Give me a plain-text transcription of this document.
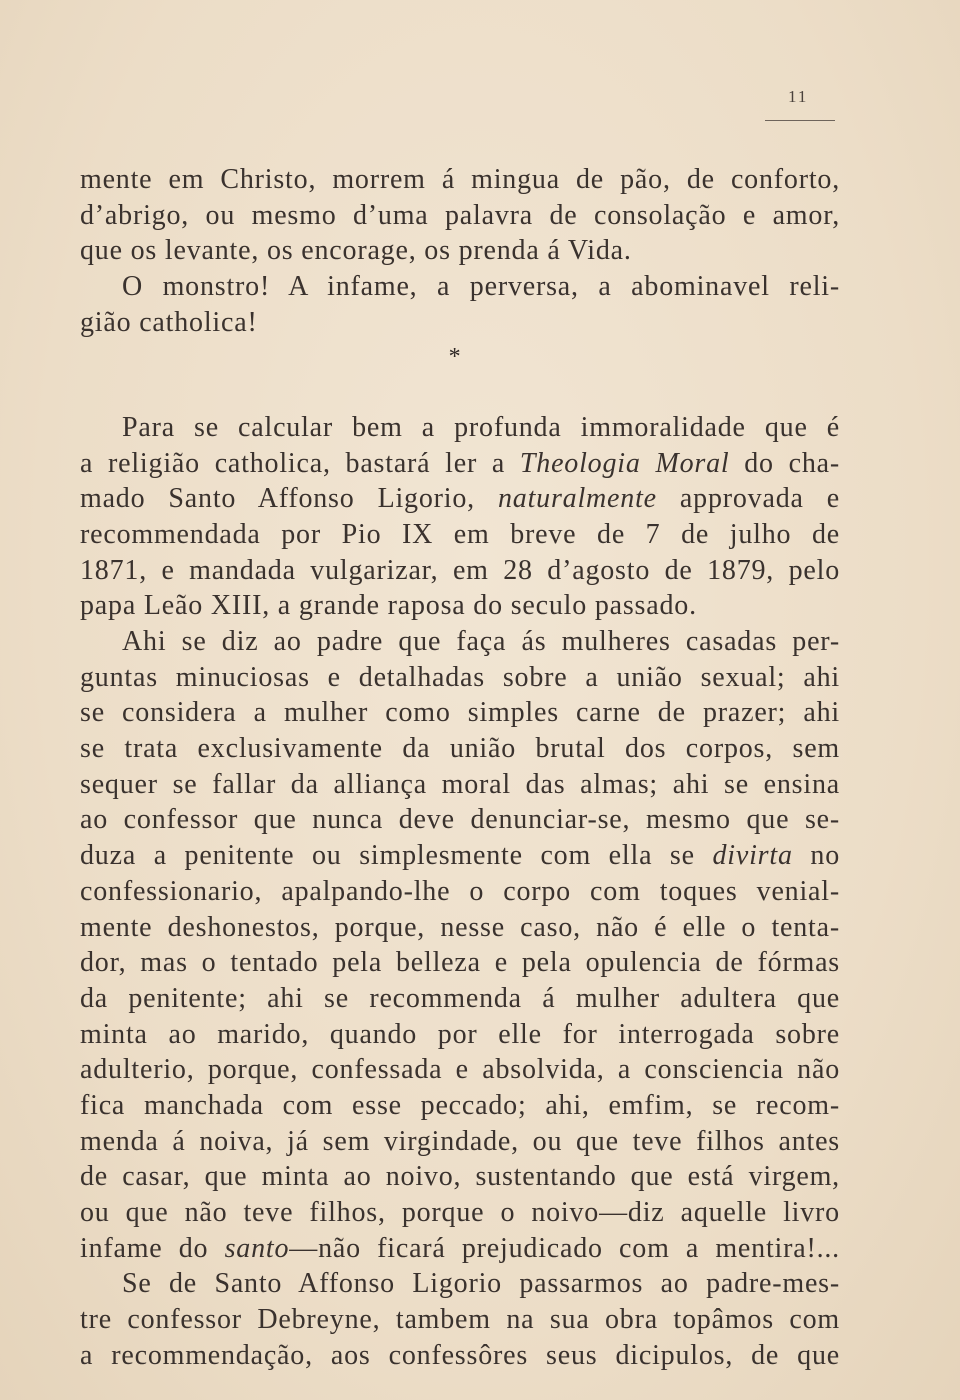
11
mente em Christo, morrem á mingua de pão, de conforto,
d’abrigo, ou mesmo d’uma palavra de consolação e amor,
que os levante, os encorage, os prenda á Vida.
O monstro! A infame, a perversa, a abominavel reli-
gião catholica!
*
Para se calcular bem a profunda immoralidade que é
a religião catholica, bastará ler a Theologia Moral do cha-
mado Santo Affonso Ligorio, naturalmente approvada e
recommendada por Pio IX em breve de 7 de julho de
1871, e mandada vulgarizar, em 28 d’agosto de 1879, pelo
papa Leão XIII, a grande raposa do seculo passado.
Ahi se diz ao padre que faça ás mulheres casadas per-
guntas minuciosas e detalhadas sobre a união sexual; ahi
se considera a mulher como simples carne de prazer; ahi
se trata exclusivamente da união brutal dos corpos, sem
sequer se fallar da alliança moral das almas; ahi se ensina
ao confessor que nunca deve denunciar-se, mesmo que se-
duza a penitente ou simplesmente com ella se divirta no
confessionario, apalpando-lhe o corpo com toques venial-
mente deshonestos, porque, nesse caso, não é elle o tenta-
dor, mas o tentado pela belleza e pela opulencia de fórmas
da penitente; ahi se recommenda á mulher adultera que
minta ao marido, quando por elle for interrogada sobre
adulterio, porque, confessada e absolvida, a consciencia não
fica manchada com esse peccado; ahi, emfim, se recom-
menda á noiva, já sem virgindade, ou que teve filhos antes
de casar, que minta ao noivo, sustentando que está virgem,
ou que não teve filhos, porque o noivo—diz aquelle livro
infame do santo—não ficará prejudicado com a mentira!...
Se de Santo Affonso Ligorio passarmos ao padre-mes-
tre confessor Debreyne, tambem na sua obra topâmos com
a recommendação, aos confessôres seus dicipulos, de que
